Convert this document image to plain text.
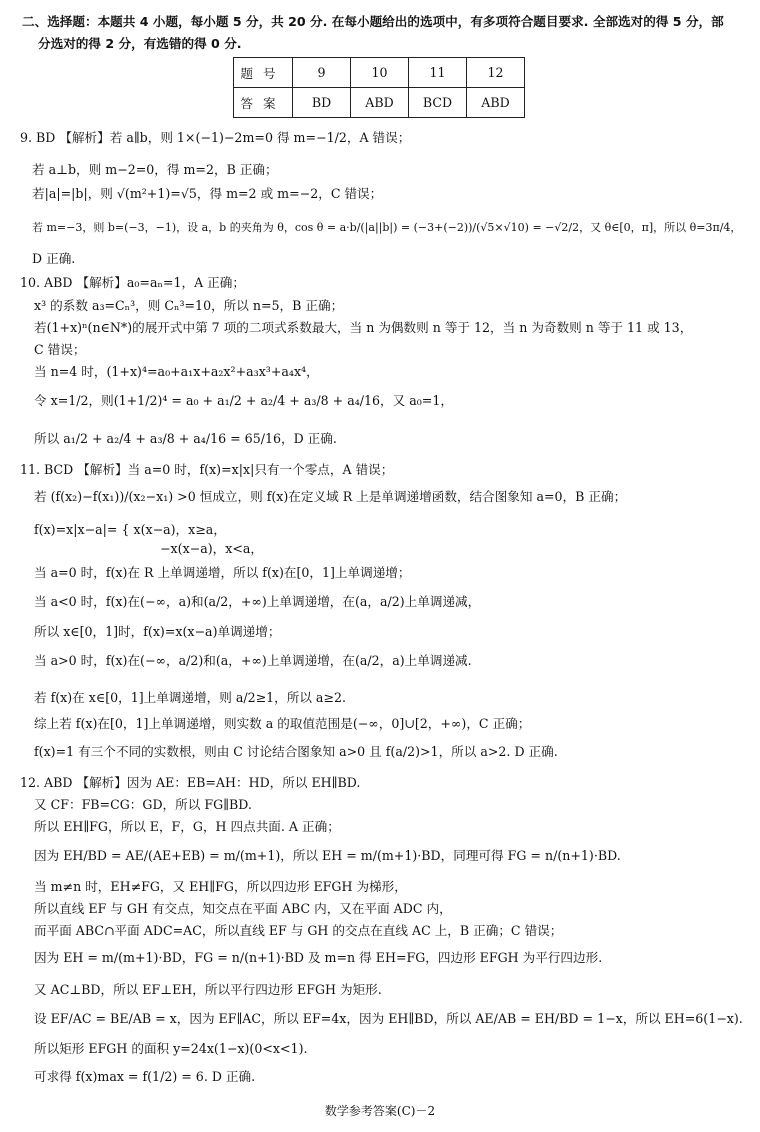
二、选择题：本题共 4 小题，每小题 5 分，共 20 分. 在每小题给出的选项中，有多项符合题目要求. 全部选对的得 5 分，部
分选对的得 2 分，有选错的得 0 分.
题号	9	10	11	12
答案	BD	ABD	BCD	ABD
9. BD 【解析】若 a∥b，则 1×(−1)−2m=0 得 m=−1/2，A 错误；
若 a⊥b，则 m−2=0，得 m=2，B 正确；
若|a|=|b|，则 √(m²+1)=√5，得 m=2 或 m=−2，C 错误；
若 m=−3，则 b=(−3，−1)，设 a，b 的夹角为 θ，cos θ = a·b/(|a||b|) = (−3+(−2))/(√5×√10) = −√2/2，又 θ∈[0，π]，所以 θ=3π/4，
D 正确.
10. ABD 【解析】a₀=aₙ=1，A 正确；
x³ 的系数 a₃=Cₙ³，则 Cₙ³=10，所以 n=5，B 正确；
若(1+x)ⁿ(n∈N*)的展开式中第 7 项的二项式系数最大，当 n 为偶数则 n 等于 12，当 n 为奇数则 n 等于 11 或 13，
C 错误；
当 n=4 时，(1+x)⁴=a₀+a₁x+a₂x²+a₃x³+a₄x⁴，
令 x=1/2，则(1+1/2)⁴ = a₀ + a₁/2 + a₂/4 + a₃/8 + a₄/16，又 a₀=1，
所以 a₁/2 + a₂/4 + a₃/8 + a₄/16 = 65/16，D 正确.
11. BCD 【解析】当 a=0 时，f(x)=x|x|只有一个零点，A 错误；
若 (f(x₂)−f(x₁))/(x₂−x₁) >0 恒成立，则 f(x)在定义域 R 上是单调递增函数，结合图象知 a=0，B 正确；
f(x)=x|x−a|= { x(x−a)，x≥a，
−x(x−a)，x<a，
当 a=0 时，f(x)在 R 上单调递增，所以 f(x)在[0，1]上单调递增；
当 a<0 时，f(x)在(−∞，a)和(a/2，+∞)上单调递增，在(a，a/2)上单调递减，
所以 x∈[0，1]时，f(x)=x(x−a)单调递增；
当 a>0 时，f(x)在(−∞，a/2)和(a，+∞)上单调递增，在(a/2，a)上单调递减.
若 f(x)在 x∈[0，1]上单调递增，则 a/2≥1，所以 a≥2.
综上若 f(x)在[0，1]上单调递增，则实数 a 的取值范围是(−∞，0]∪[2，+∞)，C 正确；
f(x)=1 有三个不同的实数根，则由 C 讨论结合图象知 a>0 且 f(a/2)>1，所以 a>2. D 正确.
12. ABD 【解析】因为 AE：EB=AH：HD，所以 EH∥BD.
又 CF：FB=CG：GD，所以 FG∥BD.
所以 EH∥FG，所以 E，F，G，H 四点共面. A 正确；
因为 EH/BD = AE/(AE+EB) = m/(m+1)，所以 EH = m/(m+1)·BD，同理可得 FG = n/(n+1)·BD.
当 m≠n 时，EH≠FG，又 EH∥FG，所以四边形 EFGH 为梯形，
所以直线 EF 与 GH 有交点，知交点在平面 ABC 内，又在平面 ADC 内，
而平面 ABC∩平面 ADC=AC，所以直线 EF 与 GH 的交点在直线 AC 上，B 正确；C 错误；
因为 EH = m/(m+1)·BD，FG = n/(n+1)·BD 及 m=n 得 EH=FG，四边形 EFGH 为平行四边形.
又 AC⊥BD，所以 EF⊥EH，所以平行四边形 EFGH 为矩形.
设 EF/AC = BE/AB = x，因为 EF∥AC，所以 EF=4x，因为 EH∥BD，所以 AE/AB = EH/BD = 1−x，所以 EH=6(1−x).
所以矩形 EFGH 的面积 y=24x(1−x)(0<x<1).
可求得 f(x)max = f(1/2) = 6. D 正确.
数学参考答案(C)－2
